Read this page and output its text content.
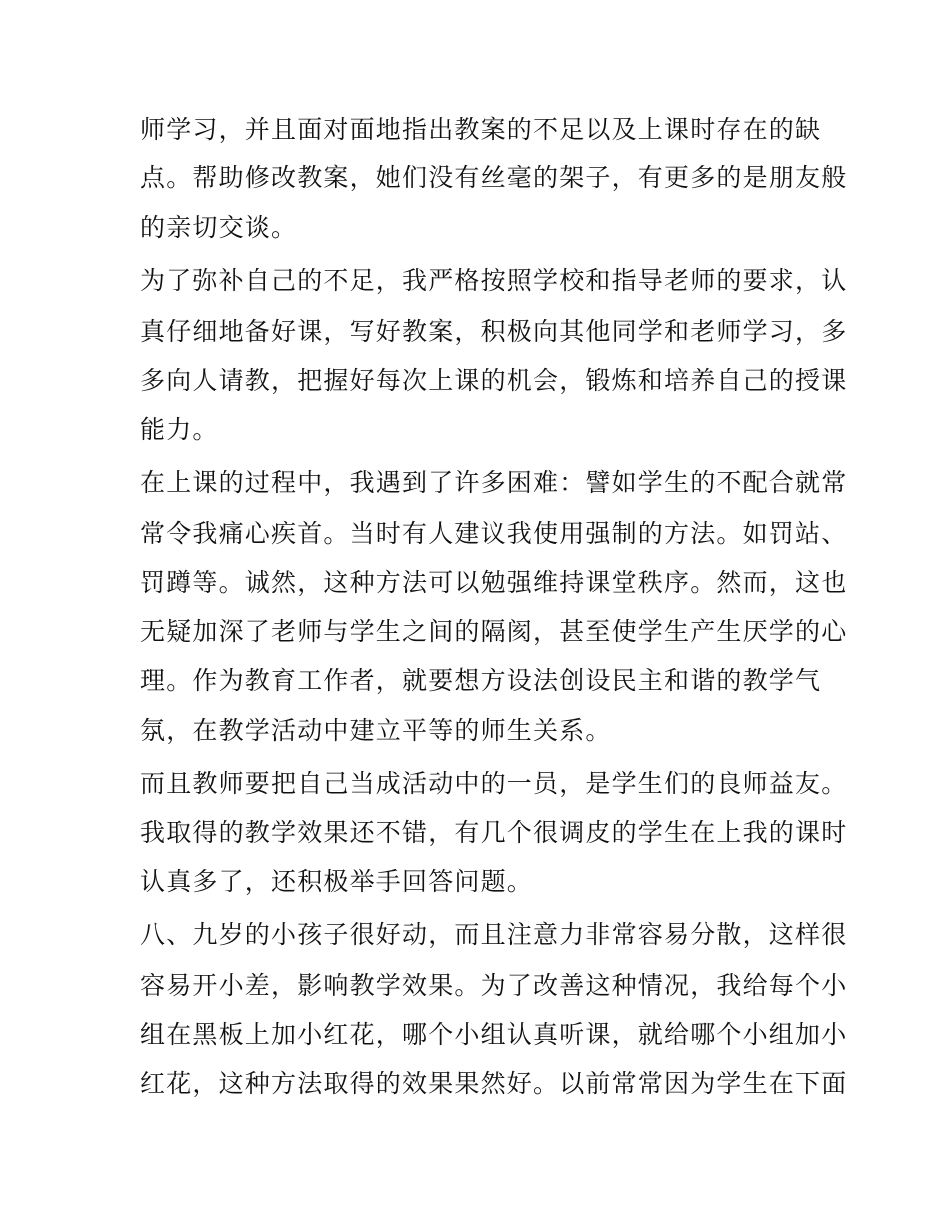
师学习，并且面对面地指出教案的不足以及上课时存在的缺
点。帮助修改教案，她们没有丝毫的架子，有更多的是朋友般
的亲切交谈。
为了弥补自己的不足，我严格按照学校和指导老师的要求，认
真仔细地备好课，写好教案，积极向其他同学和老师学习，多
多向人请教，把握好每次上课的机会，锻炼和培养自己的授课
能力。
在上课的过程中，我遇到了许多困难：譬如学生的不配合就常
常令我痛心疾首。当时有人建议我使用强制的方法。如罚站、
罚蹲等。诚然，这种方法可以勉强维持课堂秩序。然而，这也
无疑加深了老师与学生之间的隔阂，甚至使学生产生厌学的心
理。作为教育工作者，就要想方设法创设民主和谐的教学气
氛，在教学活动中建立平等的师生关系。
而且教师要把自己当成活动中的一员，是学生们的良师益友。
我取得的教学效果还不错，有几个很调皮的学生在上我的课时
认真多了，还积极举手回答问题。
八、九岁的小孩子很好动，而且注意力非常容易分散，这样很
容易开小差，影响教学效果。为了改善这种情况，我给每个小
组在黑板上加小红花，哪个小组认真听课，就给哪个小组加小
红花，这种方法取得的效果果然好。以前常常因为学生在下面
